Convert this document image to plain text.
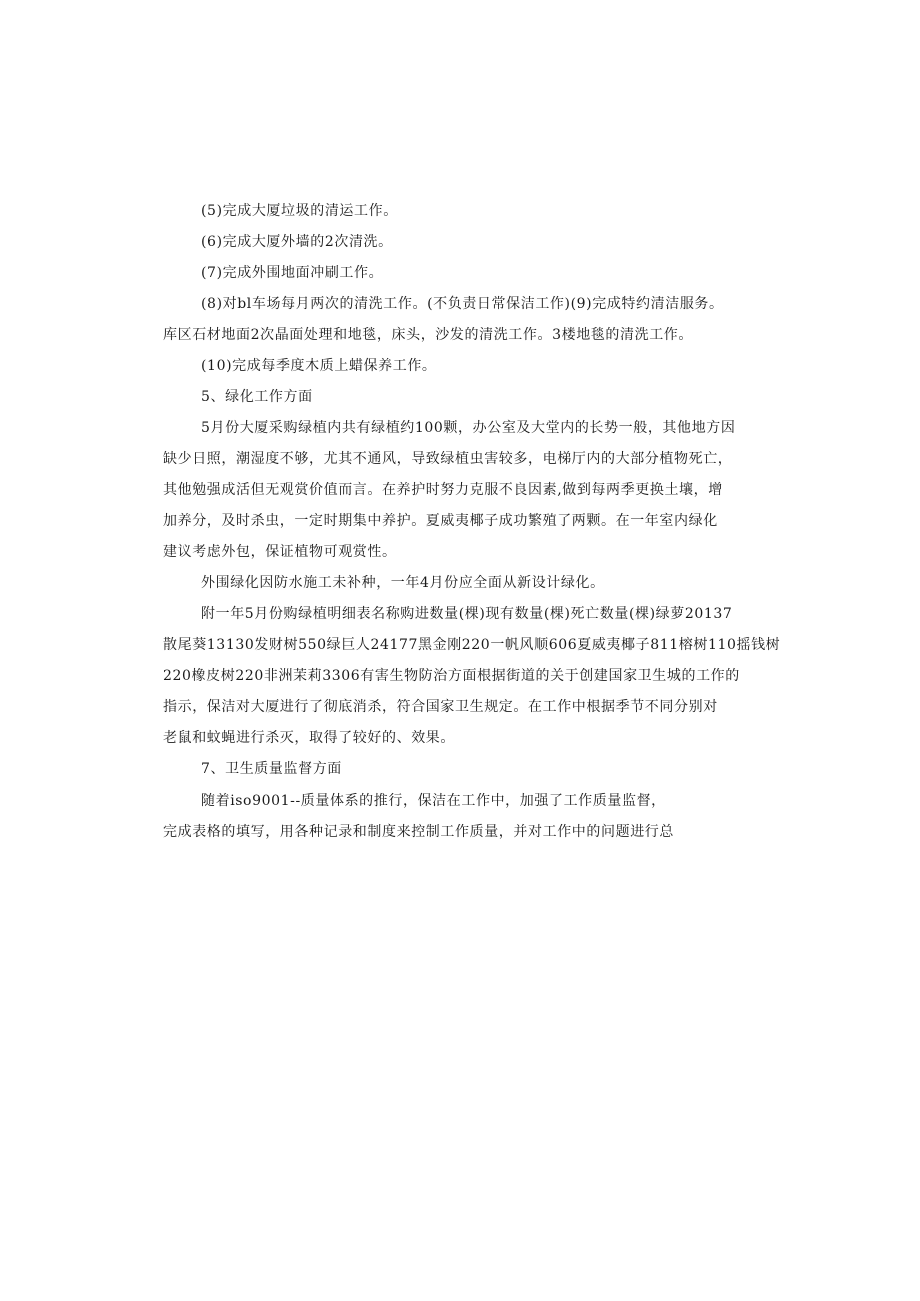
(5)完成大厦垃圾的清运工作。
(6)完成大厦外墙的2次清洗。
(7)完成外围地面冲刷工作。
(8)对bl车场每月两次的清洗工作。(不负责日常保洁工作)(9)完成特约清洁服务。
库区石材地面2次晶面处理和地毯，床头，沙发的清洗工作。3楼地毯的清洗工作。
(10)完成每季度木质上蜡保养工作。
5、绿化工作方面
5月份大厦采购绿植内共有绿植约100颗，办公室及大堂内的长势一般，其他地方因
缺少日照，潮湿度不够，尤其不通风，导致绿植虫害较多，电梯厅内的大部分植物死亡，
其他勉强成活但无观赏价值而言。在养护时努力克服不良因素,做到每两季更换土壤，增
加养分，及时杀虫，一定时期集中养护。夏威夷椰子成功繁殖了两颗。在一年室内绿化
建议考虑外包，保证植物可观赏性。
外围绿化因防水施工未补种，一年4月份应全面从新设计绿化。
附一年5月份购绿植明细表名称购进数量(棵)现有数量(棵)死亡数量(棵)绿萝20137
散尾葵13130发财树550绿巨人24177黑金刚220一帆风顺606夏威夷椰子811榕树110摇钱树
220橡皮树220非洲茉莉3306有害生物防治方面根据街道的关于创建国家卫生城的工作的
指示，保洁对大厦进行了彻底消杀，符合国家卫生规定。在工作中根据季节不同分别对
老鼠和蚊蝇进行杀灭，取得了较好的、效果。
7、卫生质量监督方面
随着iso9001--质量体系的推行，保洁在工作中，加强了工作质量监督，
完成表格的填写，用各种记录和制度来控制工作质量，并对工作中的问题进行总
